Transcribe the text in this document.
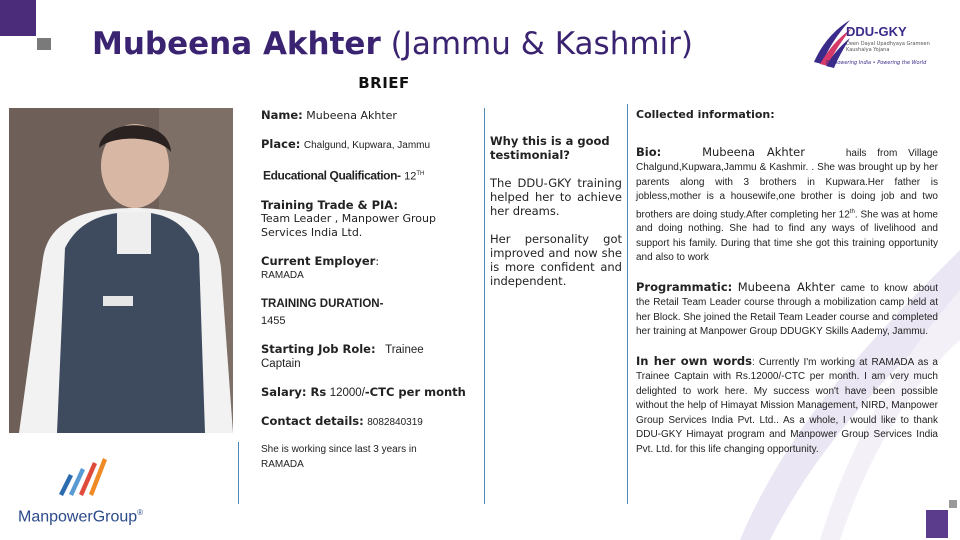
Mubeena Akhter (Jammu & Kashmir)
BRIEF
DDU-GKY
Deen Dayal Upadhyaya Grameen Kaushalya Yojana
Empowering India • Powering the World
ManpowerGroup®
Name: Mubeena Akhter
Place: Chalgund, Kupwara, Jammu
Educational Qualification- 12TH
Training Trade & PIA:
Team Leader , Manpower Group Services India Ltd.
Current Employer:
RAMADA
TRAINING DURATION-
1455
Starting Job Role: Trainee Captain
Salary: Rs 12000/-CTC per month
Contact details: 8082840319
She is working since last 3 years in RAMADA

Why this is a good testimonial?

The DDU-GKY training helped her to achieve her dreams.

Her personality got improved and now she is more confident and independent.

Collected information:

Bio:	Mubeena Akhter	hails from Village Chalgund,Kupwara,Jammu & Kashmir. . She was brought up by her parents along with 3 brothers in Kupwara.Her father is jobless,mother is a housewife,one brother is doing job and two brothers are doing study.After completing her 12th. She was at home and doing nothing. She had to find any ways of livelihood and support his family. During that time she got this training opportunity and also to work

Programmatic: Mubeena Akhter came to know about the Retail Team Leader course through a mobilization camp held at her Block. She joined the Retail Team Leader course and completed her training at Manpower Group DDUGKY Skills Aademy, Jammu.

In her own words: Currently I'm working at RAMADA as a Trainee Captain with Rs.12000/-CTC per month. I am very much delighted to work here. My success won't have been possible without the help of Himayat Mission Management, NIRD, Manpower Group Services India Pvt. Ltd.. As a whole, I would like to thank DDU-GKY Himayat program and Manpower Group Services India Pvt. Ltd. for this life changing opportunity.
